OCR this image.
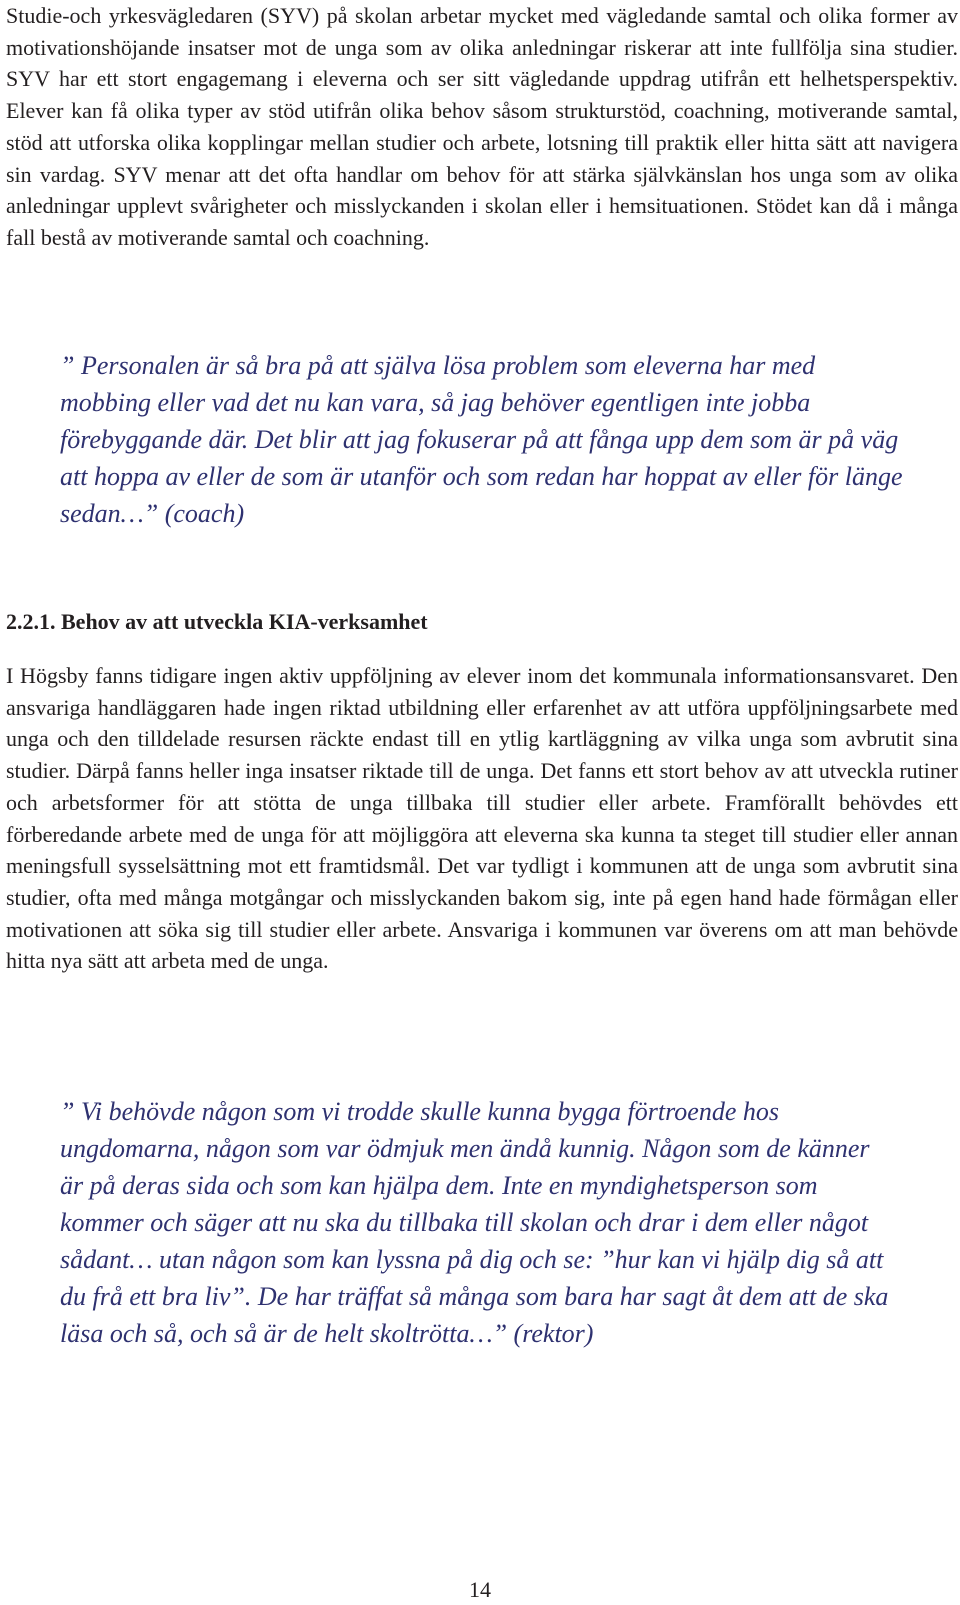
Studie-och yrkesvägledaren (SYV) på skolan arbetar mycket med vägledande samtal och olika former av motivationshöjande insatser mot de unga som av olika anledningar riskerar att inte fullfölja sina studier. SYV har ett stort engagemang i eleverna och ser sitt vägledande uppdrag utifrån ett helhetsperspektiv. Elever kan få olika typer av stöd utifrån olika behov såsom strukturstöd, coachning, motiverande samtal, stöd att utforska olika kopplingar mellan studier och arbete, lotsning till praktik eller hitta sätt att navigera sin vardag. SYV menar att det ofta handlar om behov för att stärka självkänslan hos unga som av olika anledningar upplevt svårigheter och misslyckanden i skolan eller i hemsituationen. Stödet kan då i många fall bestå av motiverande samtal och coachning.

” Personalen är så bra på att själva lösa problem som eleverna har med mobbing eller vad det nu kan vara, så jag behöver egentligen inte jobba förebyggande där. Det blir att jag fokuserar på att fånga upp dem som är på väg att hoppa av eller de som är utanför och som redan har hoppat av eller för länge sedan…” (coach)

2.2.1. Behov av att utveckla KIA-verksamhet

I Högsby fanns tidigare ingen aktiv uppföljning av elever inom det kommunala informationsansvaret. Den ansvariga handläggaren hade ingen riktad utbildning eller erfarenhet av att utföra uppföljningsarbete med unga och den tilldelade resursen räckte endast till en ytlig kartläggning av vilka unga som avbrutit sina studier. Därpå fanns heller inga insatser riktade till de unga. Det fanns ett stort behov av att utveckla rutiner och arbetsformer för att stötta de unga tillbaka till studier eller arbete. Framförallt behövdes ett förberedande arbete med de unga för att möjliggöra att eleverna ska kunna ta steget till studier eller annan meningsfull sysselsättning mot ett framtidsmål. Det var tydligt i kommunen att de unga som avbrutit sina studier, ofta med många motgångar och misslyckanden bakom sig, inte på egen hand hade förmågan eller motivationen att söka sig till studier eller arbete. Ansvariga i kommunen var överens om att man behövde hitta nya sätt att arbeta med de unga.

” Vi behövde någon som vi trodde skulle kunna bygga förtroende hos ungdomarna, någon som var ödmjuk men ändå kunnig. Någon som de känner är på deras sida och som kan hjälpa dem. Inte en myndighetsperson som kommer och säger att nu ska du tillbaka till skolan och drar i dem eller något sådant… utan någon som kan lyssna på dig och se: ”hur kan vi hjälp dig så att du frå ett bra liv”. De har träffat så många som bara har sagt åt dem att de ska läsa och så, och så är de helt skoltrötta…” (rektor)

14
